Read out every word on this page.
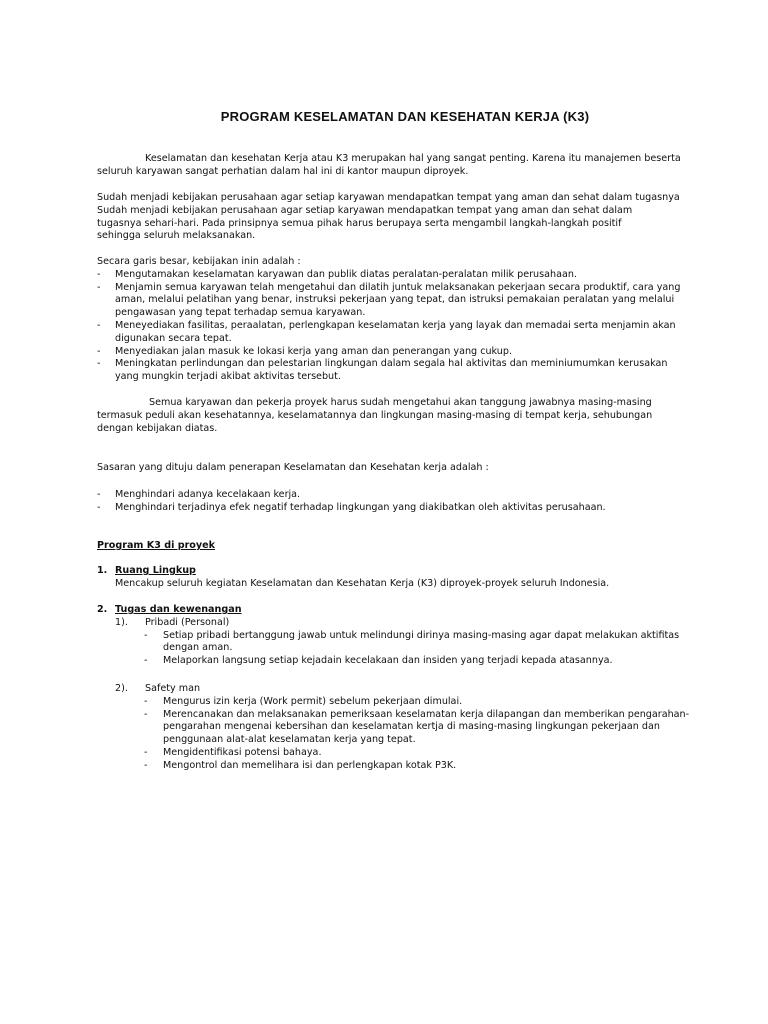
PROGRAM KESELAMATAN DAN KESEHATAN KERJA (K3)
Keselamatan dan kesehatan Kerja atau K3 merupakan hal yang sangat penting. Karena itu manajemen beserta
seluruh karyawan sangat perhatian dalam hal ini di kantor maupun diproyek.
Sudah menjadi kebijakan perusahaan agar setiap karyawan mendapatkan tempat yang aman dan sehat dalam tugasnya
Sudah menjadi kebijakan perusahaan agar setiap karyawan mendapatkan tempat yang aman dan sehat dalam
tugasnya sehari-hari. Pada prinsipnya semua pihak harus berupaya serta mengambil langkah-langkah positif
sehingga seluruh melaksanakan.
Secara garis besar, kebijakan inin adalah :
- Mengutamakan keselamatan karyawan dan publik diatas peralatan-peralatan milik perusahaan.
- Menjamin semua karyawan telah mengetahui dan dilatih juntuk melaksanakan pekerjaan secara produktif, cara yang
aman, melalui pelatihan yang benar, instruksi pekerjaan yang tepat, dan istruksi pemakaian peralatan yang melalui
pengawasan yang tepat terhadap semua karyawan.
- Meneyediakan fasilitas, peraalatan, perlengkapan keselamatan kerja yang layak dan memadai serta menjamin akan
digunakan secara tepat.
- Menyediakan jalan masuk ke lokasi kerja yang aman dan penerangan yang cukup.
- Meningkatan perlindungan dan pelestarian lingkungan dalam segala hal aktivitas dan meminiumumkan kerusakan
yang mungkin terjadi akibat aktivitas tersebut.
Semua karyawan dan pekerja proyek harus sudah mengetahui akan tanggung jawabnya masing-masing
termasuk peduli akan kesehatannya, keselamatannya dan lingkungan masing-masing di tempat kerja, sehubungan
dengan kebijakan diatas.
Sasaran yang dituju dalam penerapan Keselamatan dan Kesehatan kerja adalah :
- Menghindari adanya kecelakaan kerja.
- Menghindari terjadinya efek negatif terhadap lingkungan yang diakibatkan oleh aktivitas perusahaan.
Program K3 di proyek
1. Ruang Lingkup
Mencakup seluruh kegiatan Keselamatan dan Kesehatan Kerja (K3) diproyek-proyek seluruh Indonesia.
2. Tugas dan kewenangan
1). Pribadi (Personal)
- Setiap pribadi bertanggung jawab untuk melindungi dirinya masing-masing agar dapat melakukan aktifitas
dengan aman.
- Melaporkan langsung setiap kejadain kecelakaan dan insiden yang terjadi kepada atasannya.
2). Safety man
- Mengurus izin kerja (Work permit) sebelum pekerjaan dimulai.
- Merencanakan dan melaksanakan pemeriksaan keselamatan kerja dilapangan dan memberikan pengarahan-
pengarahan mengenai kebersihan dan keselamatan kertja di masing-masing lingkungan pekerjaan dan
penggunaan alat-alat keselamatan kerja yang tepat.
- Mengidentifikasi potensi bahaya.
- Mengontrol dan memelihara isi dan perlengkapan kotak P3K.
